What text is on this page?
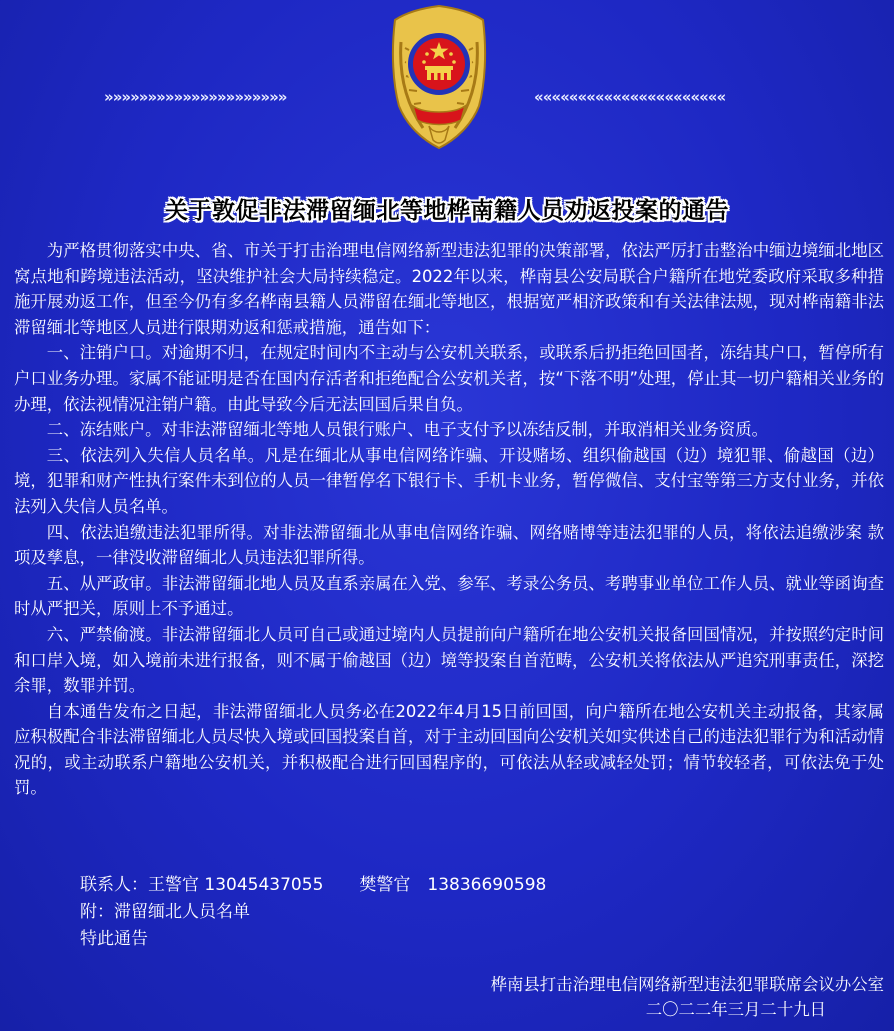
»»»»»»»»»»»»»»»»»»»»»	««««««««««««««««««««««
关于敦促非法滞留缅北等地桦南籍人员劝返投案的通告

为严格贯彻落实中央、省、市关于打击治理电信网络新型违法犯罪的决策部署，依法严厉打击整治中缅边境缅北地区窝点地和跨境违法活动，坚决维护社会大局持续稳定。2022年以来，桦南县公安局联合户籍所在地党委政府采取多种措施开展劝返工作，但至今仍有多名桦南县籍人员滞留在缅北等地区，根据宽严相济政策和有关法律法规，现对桦南籍非法滞留缅北等地区人员进行限期劝返和惩戒措施，通告如下：

一、注销户口。对逾期不归，在规定时间内不主动与公安机关联系，或联系后扔拒绝回国者，冻结其户口，暂停所有户口业务办理。家属不能证明是否在国内存活者和拒绝配合公安机关者，按“下落不明”处理，停止其一切户籍相关业务的办理，依法视情况注销户籍。由此导致今后无法回国后果自负。

二、冻结账户。对非法滞留缅北等地人员银行账户、电子支付予以冻结反制，并取消相关业务资质。

三、依法列入失信人员名单。凡是在缅北从事电信网络诈骗、开设赌场、组织偷越国（边）境犯罪、偷越国（边）境，犯罪和财产性执行案件未到位的人员一律暂停名下银行卡、手机卡业务，暂停微信、支付宝等第三方支付业务，并依法列入失信人员名单。

四、依法追缴违法犯罪所得。对非法滞留缅北从事电信网络诈骗、网络赌博等违法犯罪的人员，将依法追缴涉案 款项及孳息，一律没收滞留缅北人员违法犯罪所得。

五、从严政审。非法滞留缅北地人员及直系亲属在入党、参军、考录公务员、考聘事业单位工作人员、就业等函询查时从严把关，原则上不予通过。

六、严禁偷渡。非法滞留缅北人员可自己或通过境内人员提前向户籍所在地公安机关报备回国情况，并按照约定时间和口岸入境，如入境前未进行报备，则不属于偷越国（边）境等投案自首范畴，公安机关将依法从严追究刑事责任，深挖余罪，数罪并罚。

自本通告发布之日起，非法滞留缅北人员务必在2022年4月15日前回国，向户籍所在地公安机关主动报备，其家属应积极配合非法滞留缅北人员尽快入境或回国投案自首，对于主动回国向公安机关如实供述自己的违法犯罪行为和活动情况的，或主动联系户籍地公安机关，并积极配合进行回国程序的，可依法从轻或减轻处罚；情节较轻者，可依法免于处罚。

联系人：王警官 13045437055 樊警官　13836690598
附：滞留缅北人员名单
特此通告
桦南县打击治理电信网络新型违法犯罪联席会议办公室
二〇二二年三月二十九日
